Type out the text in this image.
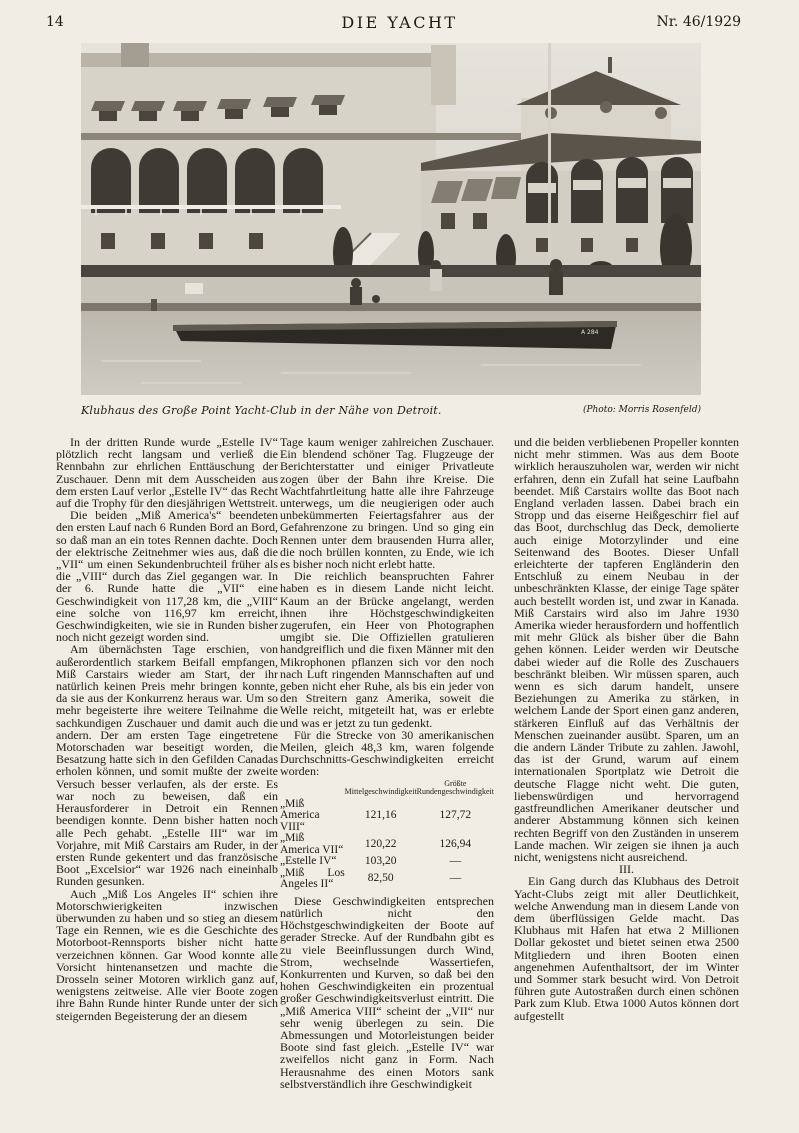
14	DIE YACHT	Nr. 46/1929
A 284
Klubhaus des Große Point Yacht-Club in der Nähe von Detroit.	(Photo: Morris Rosenfeld)

In der dritten Runde wurde „Estelle IV“ plötzlich recht langsam und verließ die Rennbahn zur ehrlichen Enttäuschung der Zuschauer. Denn mit dem Ausscheiden aus dem ersten Lauf verlor „Estelle IV“ das Recht auf die Trophy für den diesjährigen Wettstreit.

Die beiden „Miß America's“ beendeten den ersten Lauf nach 6 Runden Bord an Bord, so daß man an ein totes Rennen dachte. Doch der elektrische Zeitnehmer wies aus, daß die „VII“ um einen Sekundenbruchteil früher als die „VIII“ durch das Ziel gegangen war. In der 6. Runde hatte die „VII“ eine Geschwindigkeit von 117,28 km, die „VIII“ eine solche von 116,97 km erreicht, Geschwindigkeiten, wie sie in Runden bisher noch nicht gezeigt worden sind.

Am übernächsten Tage erschien, von außerordentlich starkem Beifall empfangen, Miß Carstairs wieder am Start, der ihr natürlich keinen Preis mehr bringen konnte, da sie aus der Konkurrenz heraus war. Um so mehr begeisterte ihre weitere Teilnahme die sachkundigen Zuschauer und damit auch die andern. Der am ersten Tage eingetretene Motorschaden war beseitigt worden, die Besatzung hatte sich in den Gefilden Canadas erholen können, und somit mußte der zweite Versuch besser verlaufen, als der erste. Es war noch zu beweisen, daß ein Herausforderer in Detroit ein Rennen beendigen konnte. Denn bisher hatten noch alle Pech gehabt. „Estelle III“ war im Vorjahre, mit Miß Carstairs am Ruder, in der ersten Runde gekentert und das französische Boot „Excelsior“ war 1926 nach eineinhalb Runden gesunken.

Auch „Miß Los Angeles II“ schien ihre Motorschwierigkeiten inzwischen überwunden zu haben und so stieg an diesem Tage ein Rennen, wie es die Geschichte des Motorboot-Rennsports bisher nicht hatte verzeichnen können. Gar Wood konnte alle Vorsicht hintenansetzen und machte die Drosseln seiner Motoren wirklich ganz auf, wenigstens zeitweise. Alle vier Boote zogen ihre Bahn Runde hinter Runde unter der sich steigernden Begeisterung der an diesem

Tage kaum weniger zahlreichen Zuschauer. Ein blendend schöner Tag. Flugzeuge der Berichterstatter und einiger Privatleute zogen über der Bahn ihre Kreise. Die Wachtfahrtleitung hatte alle ihre Fahrzeuge unterwegs, um die neugierigen oder auch unbekümmerten Feiertagsfahrer aus der Gefahrenzone zu bringen. Und so ging ein Rennen unter dem brausenden Hurra aller, die noch brüllen konnten, zu Ende, wie ich es bisher noch nicht erlebt hatte.

Die reichlich beanspruchten Fahrer haben es in diesem Lande nicht leicht. Kaum an der Brücke angelangt, werden ihnen ihre Höchstgeschwindigkeiten zugerufen, ein Heer von Photographen umgibt sie. Die Offiziellen gratulieren handgreiflich und die fixen Männer mit den Mikrophonen pflanzen sich vor den noch nach Luft ringenden Mannschaften auf und geben nicht eher Ruhe, als bis ein jeder von den Streitern ganz Amerika, soweit die Welle reicht, mitgeteilt hat, was er erlebte und was er jetzt zu tun gedenkt.

Für die Strecke von 30 amerikanischen Meilen, gleich 48,3 km, waren folgende Durchschnitts-Geschwindigkeiten erreicht worden:

	Mittelgeschwindigkeit	Größte Rundengeschwindigkeit
„Miß America VIII“	121,16	127,72
„Miß America VII“	120,22	126,94
„Estelle IV“	103,20	—
„Miß Los Angeles II“	82,50	—

Diese Geschwindigkeiten entsprechen natürlich nicht den Höchstgeschwindigkeiten der Boote auf gerader Strecke. Auf der Rundbahn gibt es zu viele Beeinflussungen durch Wind, Strom, wechselnde Wassertiefen, Konkurrenten und Kurven, so daß bei den hohen Geschwindigkeiten ein prozentual großer Geschwindigkeitsverlust eintritt. Die „Miß America VIII“ scheint der „VII“ nur sehr wenig überlegen zu sein. Die Abmessungen und Motorleistungen beider Boote sind fast gleich. „Estelle IV“ war zweifellos nicht ganz in Form. Nach Herausnahme des einen Motors sank selbstverständlich ihre Geschwindigkeit

und die beiden verbliebenen Propeller konnten nicht mehr stimmen. Was aus dem Boote wirklich herauszuholen war, werden wir nicht erfahren, denn ein Zufall hat seine Laufbahn beendet. Miß Carstairs wollte das Boot nach England verladen lassen. Dabei brach ein Stropp und das eiserne Heißgeschirr fiel auf das Boot, durchschlug das Deck, demolierte auch einige Motorzylinder und eine Seitenwand des Bootes. Dieser Unfall erleichterte der tapferen Engländerin den Entschluß zu einem Neubau in der unbeschränkten Klasse, der einige Tage später auch bestellt worden ist, und zwar in Kanada. Miß Carstairs wird also im Jahre 1930 Amerika wieder herausfordern und hoffentlich mit mehr Glück als bisher über die Bahn gehen können. Leider werden wir Deutsche dabei wieder auf die Rolle des Zuschauers beschränkt bleiben. Wir müssen sparen, auch wenn es sich darum handelt, unsere Beziehungen zu Amerika zu stärken, in welchem Lande der Sport einen ganz anderen, stärkeren Einfluß auf das Verhältnis der Menschen zueinander ausübt. Sparen, um an die andern Länder Tribute zu zahlen. Jawohl, das ist der Grund, warum auf einem internationalen Sportplatz wie Detroit die deutsche Flagge nicht weht. Die guten, liebenswürdigen und hervorragend gastfreundlichen Amerikaner deutscher und anderer Abstammung können sich keinen rechten Begriff von den Zuständen in unserem Lande machen. Wir zeigen sie ihnen ja auch nicht, wenigstens nicht ausreichend.

III.

Ein Gang durch das Klubhaus des Detroit Yacht-Clubs zeigt mit aller Deutlichkeit, welche Anwendung man in diesem Lande von dem überflüssigen Gelde macht. Das Klubhaus mit Hafen hat etwa 2 Millionen Dollar gekostet und bietet seinen etwa 2500 Mitgliedern und ihren Booten einen angenehmen Aufenthaltsort, der im Winter und Sommer stark besucht wird. Von Detroit führen gute Autostraßen durch einen schönen Park zum Klub. Etwa 1000 Autos können dort aufgestellt
